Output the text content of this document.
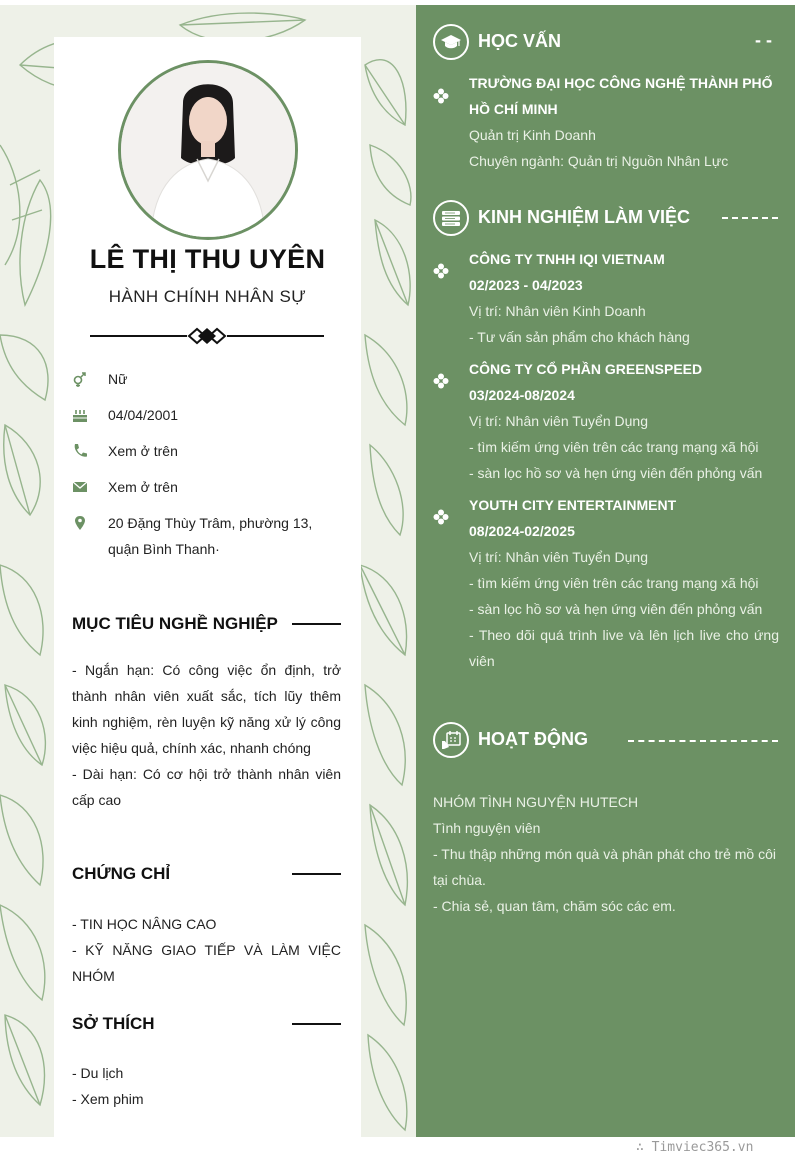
LÊ THỊ THU UYÊN
HÀNH CHÍNH NHÂN SỰ
Nữ
04/04/2001
Xem ở trên
Xem ở trên
20 Đặng Thùy Trâm, phường 13,
quận Bình Thanh·
MỤC TIÊU NGHỀ NGHIỆP

- Ngắn hạn: Có công việc ổn định, trở thành nhân viên xuất sắc, tích lũy thêm kinh nghiệm, rèn luyện kỹ năng xử lý công việc hiệu quả, chính xác, nhanh chóng

- Dài hạn: Có cơ hội trở thành nhân viên cấp cao

CHỨNG CHỈ

- TIN HỌC NÂNG CAO

- KỸ NĂNG GIAO TIẾP VÀ LÀM VIỆC NHÓM

SỞ THÍCH

- Du lịch

- Xem phim

HỌC VẤN	- -
TRƯỜNG ĐẠI HỌC CÔNG NGHỆ THÀNH PHỐ HỒ CHÍ MINH
Quản trị Kinh Doanh
Chuyên ngành: Quản trị Nguồn Nhân Lực
KINH NGHIỆM LÀM VIỆC
CÔNG TY TNHH IQI VIETNAM
02/2023 - 04/2023
Vị trí: Nhân viên Kinh Doanh
- Tư vấn sản phẩm cho khách hàng
CÔNG TY CỔ PHẦN GREENSPEED
03/2024-08/2024
Vị trí: Nhân viên Tuyển Dụng
- tìm kiếm ứng viên trên các trang mạng xã hội
- sàn lọc hồ sơ và hẹn ứng viên đến phỏng vấn
YOUTH CITY ENTERTAINMENT
08/2024-02/2025
Vị trí: Nhân viên Tuyển Dụng
- tìm kiếm ứng viên trên các trang mạng xã hội
- sàn lọc hồ sơ và hẹn ứng viên đến phỏng vấn
- Theo dõi quá trình live và lên lịch live cho ứng viên
HOẠT ĐỘNG

NHÓM TÌNH NGUYỆN HUTECH

Tình nguyện viên

- Thu thập những món quà và phân phát cho trẻ mồ côi tại chùa.

- Chia sẻ, quan tâm, chăm sóc các em.

∴ Timviec365.vn
